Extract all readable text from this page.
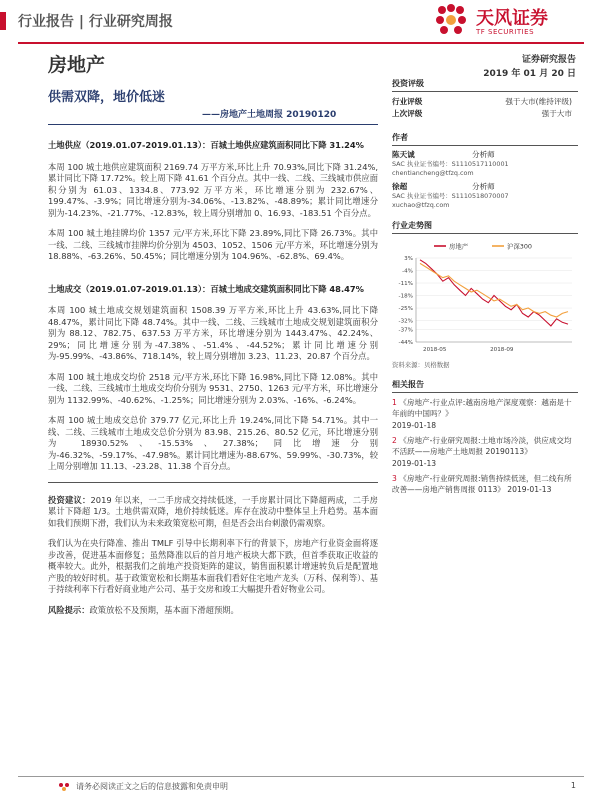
行业报告 | 行业研究周报	天风证券
TF SECURITIES
房地产	证券研究报告
2019 年 01 月 20 日
供需双降，地价低迷
——房地产土地周报 20190120
土地供应（2019.01.07-2019.01.13）：百城土地供应建筑面积同比下降 31.24%
本周 100 城土地供应建筑面积 2169.74 万平方米,环比上升 70.93%,同比下降 31.24%,累计同比下降 17.72%。较上周下降 41.61 个百分点。其中一线、二线、三线城市供应面积分别为 61.03、1334.8、773.92 万平方米，环比增速分别为 232.67%、199.47%、-3.9%；同比增速分别为-34.06%、-13.82%、-48.89%；累计同比增速分别为-14.23%、-21.77%、-12.83%，较上周分别增加 0、16.93、-183.51 个百分点。
本周 100 城土地挂牌均价 1357 元/平方米,环比下降 23.89%,同比下降 26.73%。其中一线、二线、三线城市挂牌均价分别为 4503、1052、1506 元/平方米，环比增速分别为 18.88%、-63.26%、50.45%；同比增速分别为 104.96%、-62.8%、69.4%。
土地成交（2019.01.07-2019.01.13）：百城土地成交建筑面积同比下降 48.47%
本周 100 城土地成交规划建筑面积 1508.39 万平方米,环比上升 43.63%,同比下降 48.47%，累计同比下降 48.74%。其中一线、二线、三线城市土地成交规划建筑面积分别为 88.12、782.75、637.53 万平方米，环比增速分别为 1443.47%、42.24%、29%；同比增速分别为-47.38%、-51.4%、-44.52%；累计同比增速分别为-95.99%、-43.86%、718.14%，较上周分别增加 3.23、11.23、20.87 个百分点。
本周 100 城土地成交均价 2518 元/平方米,环比下降 16.98%,同比下降 12.08%。其中一线、二线、三线城市土地成交均价分别为 9531、2750、1263 元/平方米，环比增速分别为 1132.99%、-40.62%、-1.25%；同比增速分别为 2.03%、-16%、-6.24%。
本周 100 城土地成交总价 379.77 亿元,环比上升 19.24%,同比下降 54.71%。其中一线、二线、三线城市土地成交总价分别为 83.98、215.26、80.52 亿元，环比增速分别为 18930.52%、-15.53%、27.38%；同比增速分别为-46.32%、-59.17%、-47.98%。累计同比增速为-88.67%、59.99%、-30.73%，较上周分别增加 11.13、-23.28、11.38 个百分点。
投资建议：2019 年以来，一二手房成交持续低迷，一手房累计同比下降超两成，二手房累计下降超 1/3。土地供需双降，地价持续低迷。库存在波动中整体呈上升趋势。基本面如我们预期下滑，我们认为未来政策宽松可期，但是否会出台刺激仍需观察。
我们认为在央行降准、推出 TMLF 引导中长期利率下行的背景下，房地产行业资金面将逐步改善，促进基本面修复；虽然降准以后的首月地产板块大都下跌，但首季获取正收益的概率较大。此外，根据我们之前地产投资矩阵的建议，销售面积累计增速转负后是配置地产股的较好时机。基于政策宽松和长期基本面我们看好住宅地产龙头（万科、保利等）、基于持续利率下行看好商业地产公司、基于交房和竣工大幅提升看好物业公司。
风险提示：政策放松不及预期，基本面下滑超预期。
投资评级
行业评级	强于大市(维持评级)
上次评级	强于大市
作者
陈天诚	分析师
SAC 执业证书编号：S1110517110001
chentiancheng@tfzq.com
徐超	分析师
SAC 执业证书编号：S1110518070007
xuchao@tfzq.com
行业走势图
房地产	沪深300
3%
-4%
-11%
-18%
-25%
-32%
-37%
-44%
2018-05	2018-09
资料来源：贝格数据
相关报告
1 《房地产-行业点评:越南房地产深度观察：越南是十年前的中国吗？》
2019-01-18
2 《房地产-行业研究周报:土地市场冷淡，供应成交均不活跃——房地产土地周报 20190113》
2019-01-13
3 《房地产-行业研究周报:销售持续低迷，但二线有所改善——房地产销售周报 0113》 2019-01-13
请务必阅读正文之后的信息披露和免责申明	1
